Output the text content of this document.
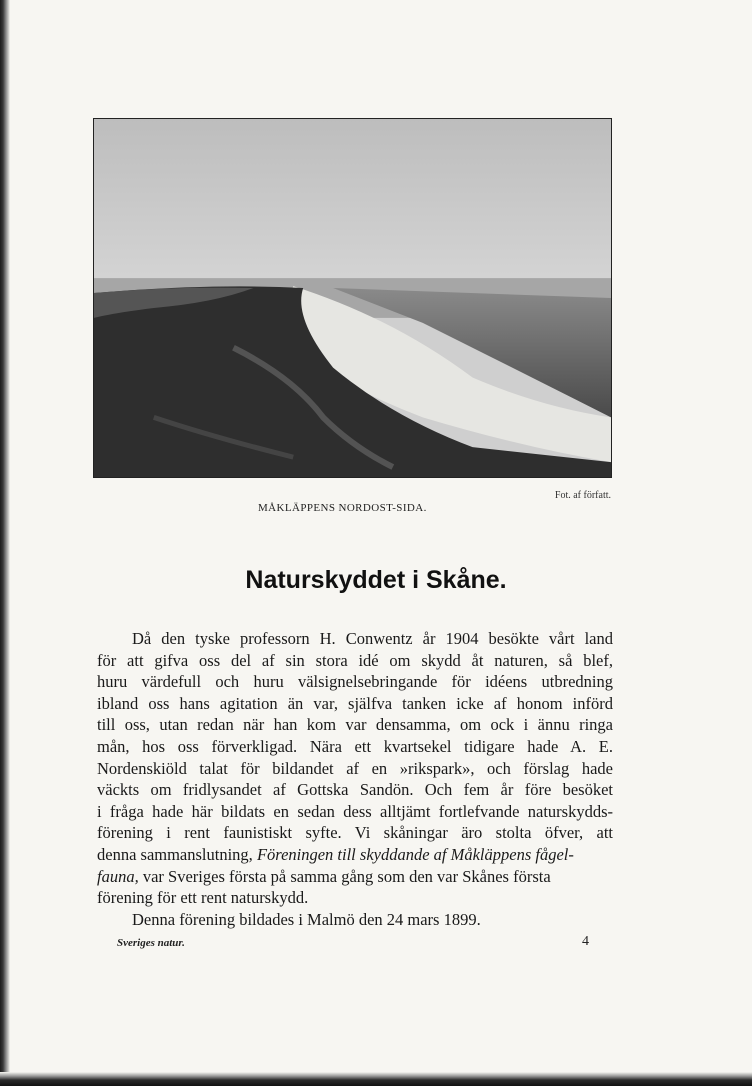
Fot. af författ.
MÅKLÄPPENS NORDOST-SIDA.
Naturskyddet i Skåne.
Då den tyske professorn H. Conwentz år 1904 besökte vårt land
för att gifva oss del af sin stora idé om skydd åt naturen, så blef,
huru värdefull och huru välsignelsebringande för idéens utbredning
ibland oss hans agitation än var, själfva tanken icke af honom införd
till oss, utan redan när han kom var densamma, om ock i ännu ringa
mån, hos oss förverkligad. Nära ett kvartsekel tidigare hade A. E.
Nordenskiöld talat för bildandet af en »rikspark», och förslag hade
väckts om fridlysandet af Gottska Sandön. Och fem år före besöket
i fråga hade här bildats en sedan dess alltjämt fortlefvande naturskydds-
förening i rent faunistiskt syfte. Vi skåningar äro stolta öfver, att
denna sammanslutning, Föreningen till skyddande af Måkläppens fågel-
fauna, var Sveriges första på samma gång som den var Skånes första
förening för ett rent naturskydd.
Denna förening bildades i Malmö den 24 mars 1899.
Sveriges natur.	4
